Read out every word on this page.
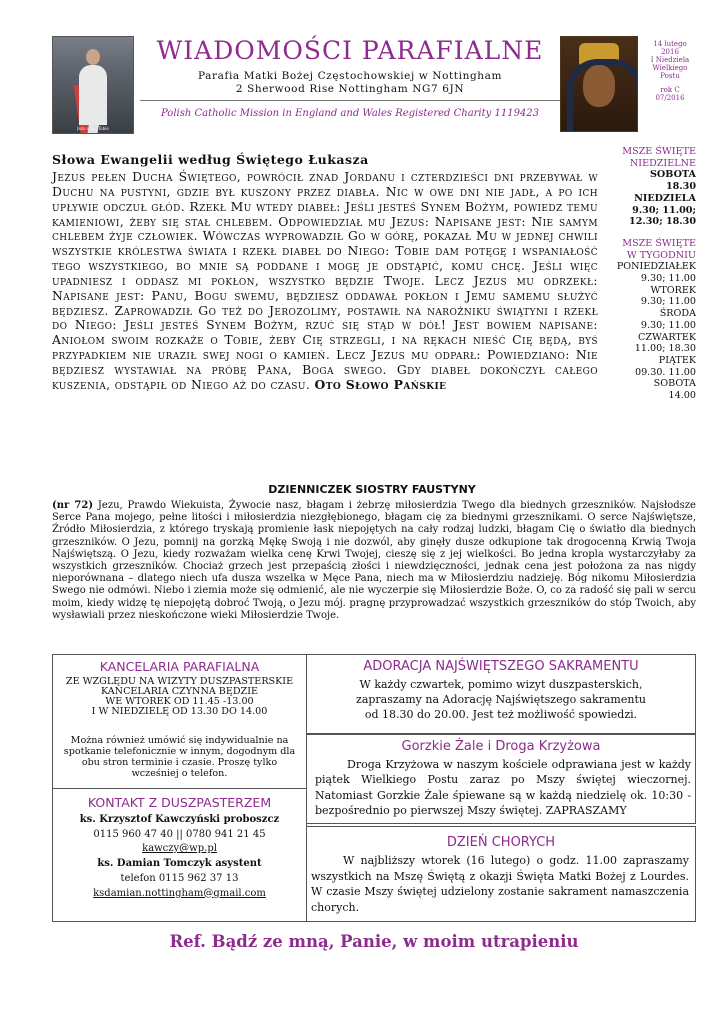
Jezu ufam Tobie
WIADOMOŚCI PARAFIALNE
Parafia Matki Bożej Częstochowskiej w Nottingham
2 Sherwood Rise Nottingham NG7 6JN
Polish Catholic Mission in England and Wales Registered Charity 1119423
14 lutego
2016
I Niedziela
Wielkiego
Postu
rok C
07/2016
Słowa Ewangelii według Świętego Łukasza
Jezus pełen Ducha Świętego, powrócił znad Jordanu i czterdzieści dni przebywał w Duchu na pustyni, gdzie był kuszony przez diabła. Nic w owe dni nie jadł, a po ich upływie odczuł głód. Rzekł Mu wtedy diabeł: Jeśli jesteś Synem Bożym, powiedz temu kamieniowi, żeby się stał chlebem. Odpowiedział mu Jezus: Napisane jest: Nie samym chlebem żyje człowiek. Wówczas wyprowadził Go w górę, pokazał Mu w jednej chwili wszystkie królestwa świata i rzekł diabeł do Niego: Tobie dam potęgę i wspaniałość tego wszystkiego, bo mnie są poddane i mogę je odstąpić, komu chcę. Jeśli więc upadniesz i oddasz mi pokłon, wszystko będzie Twoje. Lecz Jezus mu odrzekł: Napisane jest: Panu, Bogu swemu, będziesz oddawał pokłon i Jemu samemu służyć będziesz. Zaprowadził Go też do Jerozolimy, postawił na narożniku świątyni i rzekł do Niego: Jeśli jesteś Synem Bożym, rzuć się stąd w dół! Jest bowiem napisane: Aniołom swoim rozkaże o Tobie, żeby Cię strzegli, i na rękach nieść Cię będą, byś przypadkiem nie uraził swej nogi o kamień. Lecz Jezus mu odparł: Powiedziano: Nie będziesz wystawiał na próbę Pana, Boga swego. Gdy diabeł dokończył całego kuszenia, odstąpił od Niego aż do czasu. Oto Słowo Pańskie
MSZE ŚWIĘTE
NIEDZIELNE
SOBOTA
18.30
NIEDZIELA
9.30; 11.00;
12.30; 18.30
MSZE ŚWIĘTE
W TYGODNIU
PONIEDZIAŁEK
9.30; 11.00
WTOREK
9.30; 11.00
ŚRODA
9.30; 11.00
CZWARTEK
11.00; 18.30
PIĄTEK
09.30. 11.00
SOBOTA
14.00
DZIENNICZEK SIOSTRY FAUSTYNY
(nr 72) Jezu, Prawdo Wiekuista, Żywocie nasz, błagam i żebrzę miłosierdzia Twego dla biednych grzeszników. Najsłodsze Serce Pana mojego, pełne litości i miłosierdzia niezgłębionego, błagam cię za biednymi grzesznikami. O serce Najświętsze, Źródło Miłosierdzia, z którego tryskają promienie łask niepojętych na cały rodzaj ludzki, błagam Cię o światło dla biednych grzeszników. O Jezu, pomnij na gorzką Mękę Swoją i nie dozwól, aby ginęły dusze odkupione tak drogocenną Krwią Twoja Najświętszą. O Jezu, kiedy rozważam wielka cenę Krwi Twojej, cieszę się z jej wielkości. Bo jedna kropla wystarczyłaby za wszystkich grzeszników. Chociaż grzech jest przepaścią złości i niewdzięczności, jednak cena jest położona za nas nigdy nieporównana – dlatego niech ufa dusza wszelka w Męce Pana, niech ma w Miłosierdziu nadzieję. Bóg nikomu Miłosierdzia Swego nie odmówi. Niebo i ziemia może się odmienić, ale nie wyczerpie się Miłosierdzie Boże. O, co za radość się pali w sercu moim, kiedy widzę tę niepojętą dobroć Twoją, o Jezu mój. pragnę przyprowadzać wszystkich grzeszników do stóp Twoich, aby wysławiali przez nieskończone wieki Miłosierdzie Twoje.
KANCELARIA PARAFIALNA
ZE WZGLĘDU NA WIZYTY DUSZPASTERSKIE KANCELARIA CZYNNA BĘDZIE
WE WTOREK OD 11.45 -13.00
I W NIEDZIELĘ OD 13.30 DO 14.00
Można również umówić się indywidualnie na spotkanie telefonicznie w innym, dogodnym dla obu stron terminie i czasie. Proszę tylko wcześniej o telefon.
KONTAKT Z DUSZPASTERZEM
ks. Krzysztof Kawczyński proboszcz
0115 960 47 40 || 0780 941 21 45
kawczy@wp.pl
ks. Damian Tomczyk asystent
telefon 0115 962 37 13
ksdamian.nottingham@gmail.com
ADORACJA NAJŚWIĘTSZEGO SAKRAMENTU
W każdy czwartek, pomimo wizyt duszpasterskich,
zapraszamy na Adorację Najświętszego sakramentu
od 18.30 do 20.00. Jest też możliwość spowiedzi.
Gorzkie Żale i Droga Krzyżowa
Droga Krzyżowa w naszym kościele odprawiana jest w każdy piątek Wielkiego Postu zaraz po Mszy świętej wieczornej. Natomiast Gorzkie Żale śpiewane są w każdą niedzielę ok. 10:30 - bezpośrednio po pierwszej Mszy świętej. ZAPRASZAMY
DZIEŃ CHORYCH
W najbliższy wtorek (16 lutego) o godz. 11.00 zapraszamy wszystkich na Mszę Świętą z okazji Święta Matki Bożej z Lourdes. W czasie Mszy świętej udzielony zostanie sakrament namaszczenia chorych.
Ref. Bądź ze mną, Panie, w moim utrapieniu
